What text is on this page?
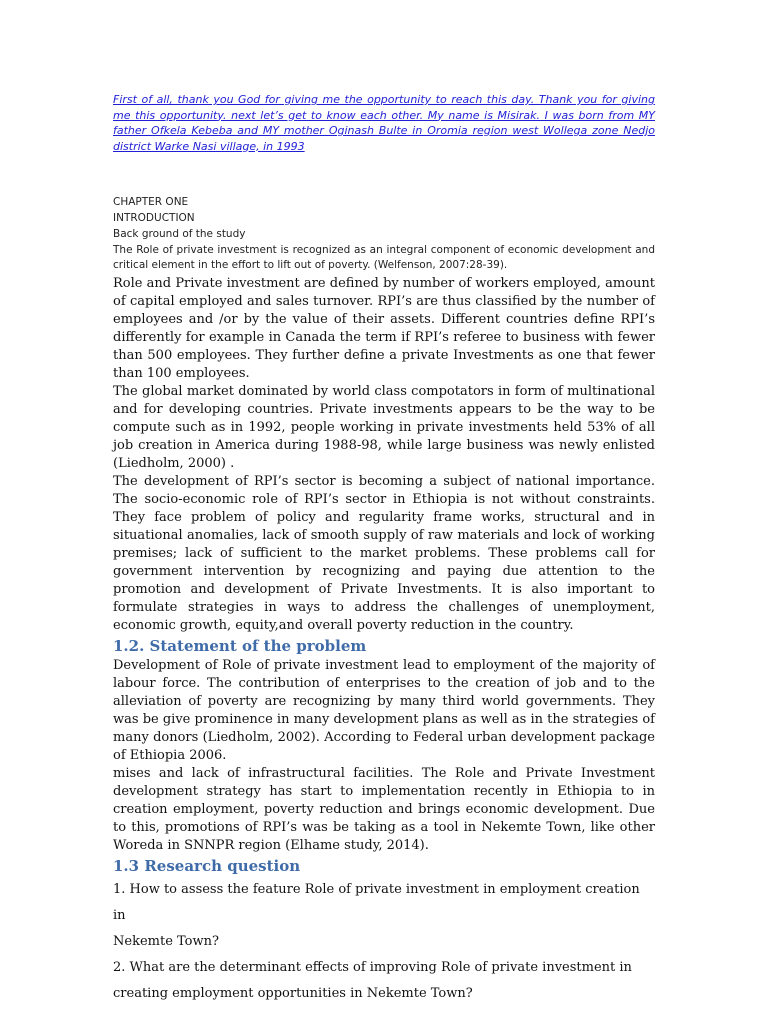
First of all, thank you God for giving me the opportunity to reach this day. Thank you for giving me this opportunity. next let’s get to know each other. My name is Misirak. I was born from MY father Ofkela Kebeba and MY mother Oginash Bulte in Oromia region west Wollega zone Nedjo district Warke Nasi village, in 1993

CHAPTER ONE

INTRODUCTION

Back ground of the study

The Role of private investment is recognized as an integral component of economic development and critical element in the effort to lift out of poverty. (Welfenson, 2007:28-39).

Role and Private investment are defined by number of workers employed, amount of capital employed and sales turnover. RPI’s are thus classified by the number of employees and /or by the value of their assets. Different countries define RPI’s differently for example in Canada the term if RPI’s referee to business with fewer than 500 employees. They further define a private Investments as one that fewer than 100 employees.

The global market dominated by world class compotators in form of multinational and for developing countries. Private investments appears to be the way to be compute such as in 1992, people working in private investments held 53% of all job creation in America during 1988-98, while large business was newly enlisted (Liedholm, 2000) .

The development of RPI’s sector is becoming a subject of national importance. The socio-economic role of RPI’s sector in Ethiopia is not without constraints. They face problem of policy and regularity frame works, structural and in situational anomalies, lack of smooth supply of raw materials and lock of working premises; lack of sufficient to the market problems. These problems call for government intervention by recognizing and paying due attention to the promotion and development of Private Investments. It is also important to formulate strategies in ways to address the challenges of unemployment, economic growth, equity,and overall poverty reduction in the country.

1.2. Statement of the problem

Development of Role of private investment lead to employment of the majority of labour force. The contribution of enterprises to the creation of job and to the alleviation of poverty are recognizing by many third world governments. They was be give prominence in many development plans as well as in the strategies of many donors (Liedholm, 2002). According to Federal urban development package of Ethiopia 2006.

mises and lack of infrastructural facilities. The Role and Private Investment development strategy has start to implementation recently in Ethiopia to in creation employment, poverty reduction and brings economic development. Due to this, promotions of RPI’s was be taking as a tool in Nekemte Town, like other Woreda in SNNPR region (Elhame study, 2014).

1.3 Research question

1. How to assess the feature Role of private investment in employment creation in

Nekemte Town?

2. What are the determinant effects of improving Role of private investment in

creating employment opportunities in Nekemte Town?
